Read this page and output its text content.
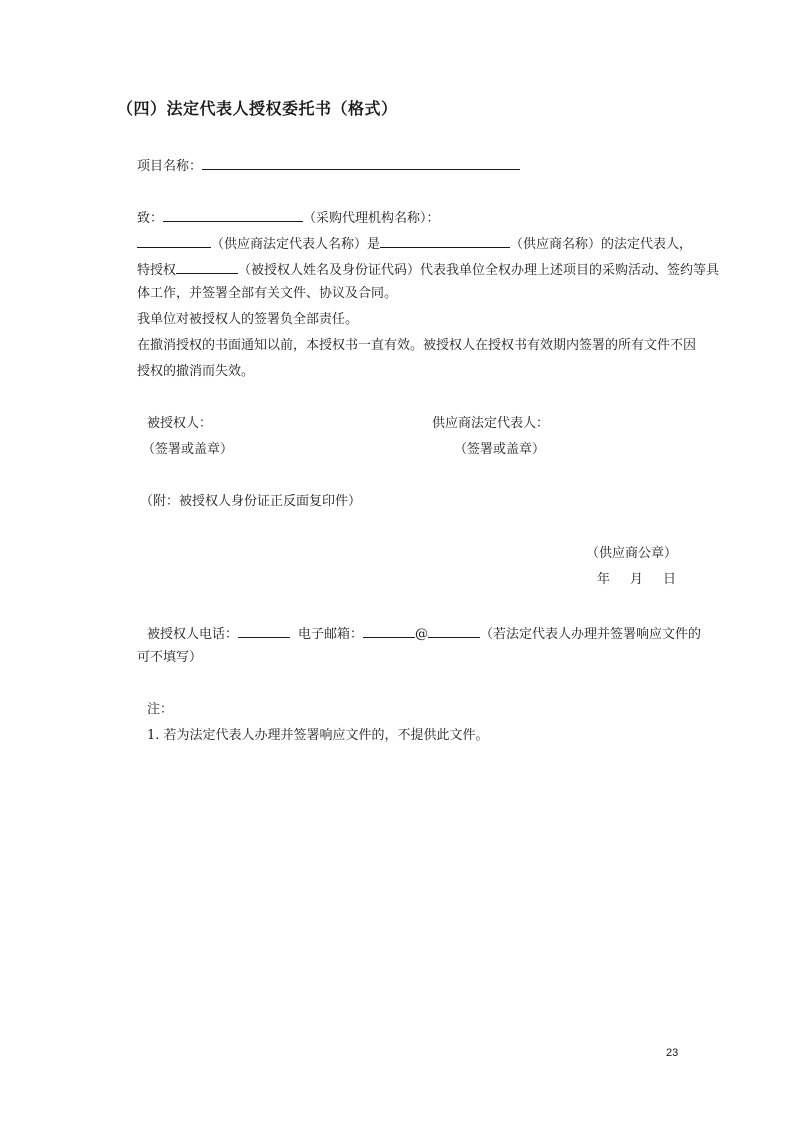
（四）法定代表人授权委托书（格式）
项目名称：
致：	（采购代理机构名称）：
（供应商法定代表人名称）是	（供应商名称）的法定代表人，
特授权	（被授权人姓名及身份证代码）代表我单位全权办理上述项目的采购活动、签约等具
体工作，并签署全部有关文件、协议及合同。
我单位对被授权人的签署负全部责任。
在撤消授权的书面通知以前，本授权书一直有效。被授权人在授权书有效期内签署的所有文件不因
授权的撤消而失效。
被授权人：
（签署或盖章）
供应商法定代表人：
（签署或盖章）
（附：被授权人身份证正反面复印件）
（供应商公章）
年 月 日
被授权人电话：	电子邮箱：	@	（若法定代表人办理并签署响应文件的
可不填写）
注：
1. 若为法定代表人办理并签署响应文件的，不提供此文件。
23
